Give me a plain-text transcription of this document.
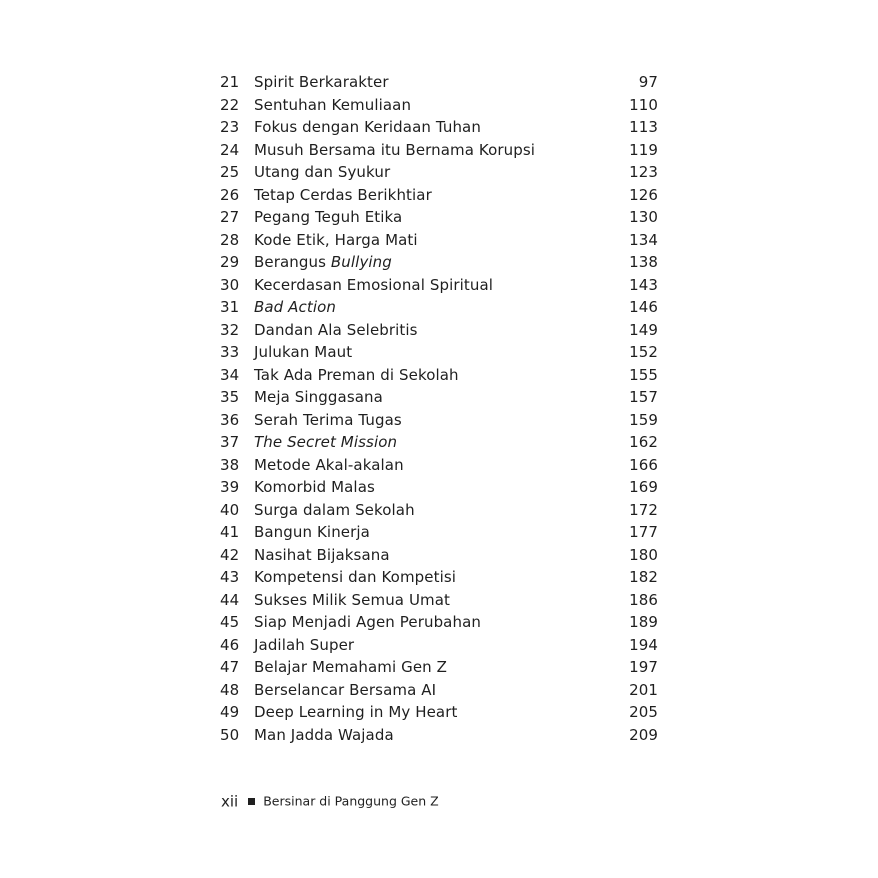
21 Spirit Berkarakter	97
22 Sentuhan Kemuliaan	110
23 Fokus dengan Keridaan Tuhan	113
24 Musuh Bersama itu Bernama Korupsi	119
25 Utang dan Syukur	123
26 Tetap Cerdas Berikhtiar	126
27 Pegang Teguh Etika	130
28 Kode Etik, Harga Mati	134
29 Berangus Bullying	138
30 Kecerdasan Emosional Spiritual	143
31 Bad Action	146
32 Dandan Ala Selebritis	149
33 Julukan Maut	152
34 Tak Ada Preman di Sekolah	155
35 Meja Singgasana	157
36 Serah Terima Tugas	159
37 The Secret Mission	162
38 Metode Akal-akalan	166
39 Komorbid Malas	169
40 Surga dalam Sekolah	172
41 Bangun Kinerja	177
42 Nasihat Bijaksana	180
43 Kompetensi dan Kompetisi	182
44 Sukses Milik Semua Umat	186
45 Siap Menjadi Agen Perubahan	189
46 Jadilah Super	194
47 Belajar Memahami Gen Z	197
48 Berselancar Bersama AI	201
49 Deep Learning in My Heart	205
50 Man Jadda Wajada	209
xii Bersinar di Panggung Gen Z
